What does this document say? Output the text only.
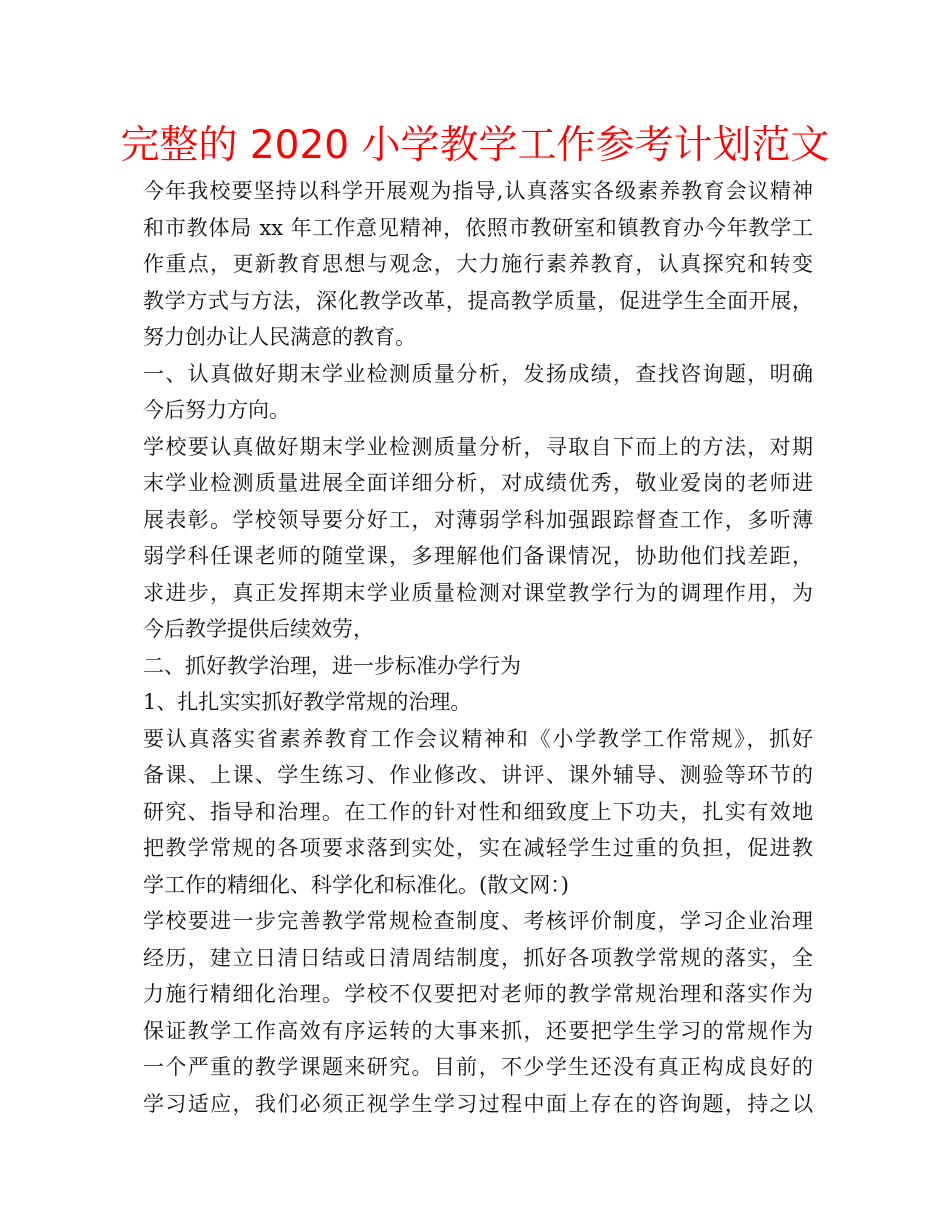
完整的 2020 小学教学工作参考计划范文
今年我校要坚持以科学开展观为指导,认真落实各级素养教育会议精神
和市教体局 xx 年工作意见精神，依照市教研室和镇教育办今年教学工
作重点，更新教育思想与观念，大力施行素养教育，认真探究和转变
教学方式与方法，深化教学改革，提高教学质量，促进学生全面开展，
努力创办让人民满意的教育。
一、认真做好期末学业检测质量分析，发扬成绩，查找咨询题，明确
今后努力方向。
学校要认真做好期末学业检测质量分析，寻取自下而上的方法，对期
末学业检测质量进展全面详细分析，对成绩优秀，敬业爱岗的老师进
展表彰。学校领导要分好工，对薄弱学科加强跟踪督查工作，多听薄
弱学科任课老师的随堂课，多理解他们备课情况，协助他们找差距，
求进步，真正发挥期末学业质量检测对课堂教学行为的调理作用，为
今后教学提供后续效劳，
二、抓好教学治理，进一步标准办学行为
1、扎扎实实抓好教学常规的治理。
要认真落实省素养教育工作会议精神和《小学教学工作常规》，抓好
备课、上课、学生练习、作业修改、讲评、课外辅导、测验等环节的
研究、指导和治理。在工作的针对性和细致度上下功夫，扎实有效地
把教学常规的各项要求落到实处，实在减轻学生过重的负担，促进教
学工作的精细化、科学化和标准化。(散文网：)
学校要进一步完善教学常规检查制度、考核评价制度，学习企业治理
经历，建立日清日结或日清周结制度，抓好各项教学常规的落实，全
力施行精细化治理。学校不仅要把对老师的教学常规治理和落实作为
保证教学工作高效有序运转的大事来抓，还要把学生学习的常规作为
一个严重的教学课题来研究。目前，不少学生还没有真正构成良好的
学习适应，我们必须正视学生学习过程中面上存在的咨询题，持之以
